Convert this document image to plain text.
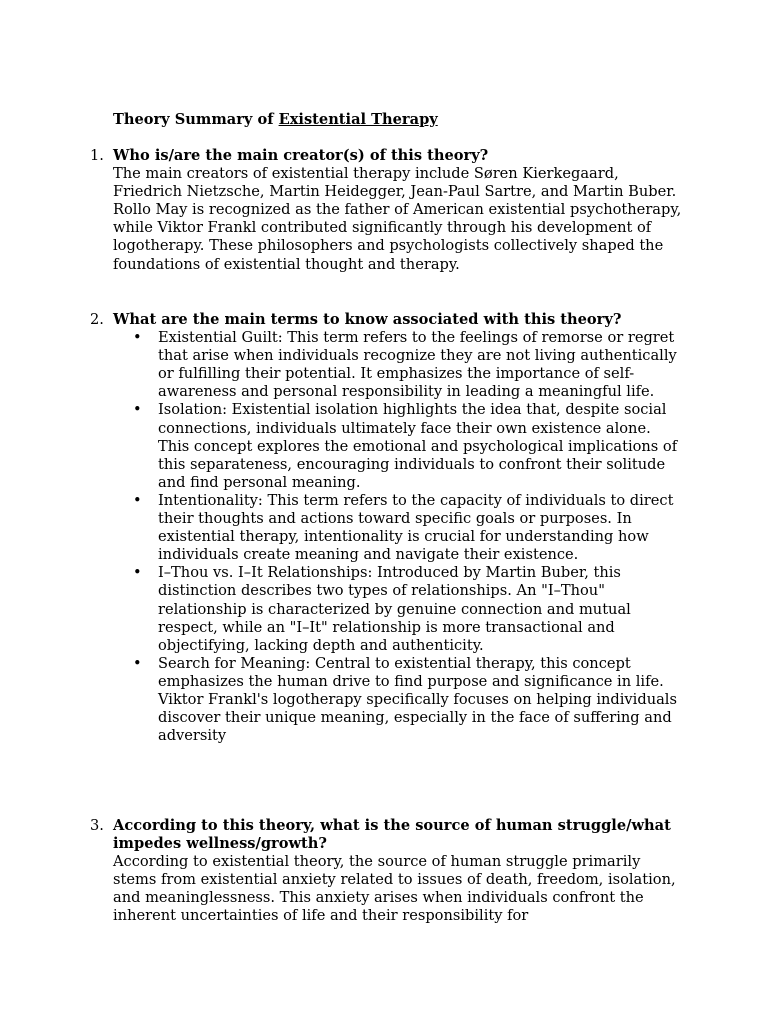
Theory Summary of Existential Therapy
1. Who is/are the main creator(s) of this theory?
The main creators of existential therapy include Søren Kierkegaard, Friedrich Nietzsche, Martin Heidegger, Jean-Paul Sartre, and Martin Buber. Rollo May is recognized as the father of American existential psychotherapy, while Viktor Frankl contributed significantly through his development of logotherapy. These philosophers and psychologists collectively shaped the foundations of existential thought and therapy.
2. What are the main terms to know associated with this theory?
• Existential Guilt: This term refers to the feelings of remorse or regret that arise when individuals recognize they are not living authentically or fulfilling their potential. It emphasizes the importance of self-awareness and personal responsibility in leading a meaningful life.
• Isolation: Existential isolation highlights the idea that, despite social connections, individuals ultimately face their own existence alone. This concept explores the emotional and psychological implications of this separateness, encouraging individuals to confront their solitude and find personal meaning.
• Intentionality: This term refers to the capacity of individuals to direct their thoughts and actions toward specific goals or purposes. In existential therapy, intentionality is crucial for understanding how individuals create meaning and navigate their existence.
• I–Thou vs. I–It Relationships: Introduced by Martin Buber, this distinction describes two types of relationships. An "I–Thou" relationship is characterized by genuine connection and mutual respect, while an "I–It" relationship is more transactional and objectifying, lacking depth and authenticity.
• Search for Meaning: Central to existential therapy, this concept emphasizes the human drive to find purpose and significance in life. Viktor Frankl's logotherapy specifically focuses on helping individuals discover their unique meaning, especially in the face of suffering and adversity
3. According to this theory, what is the source of human struggle/what impedes wellness/growth?
According to existential theory, the source of human struggle primarily stems from existential anxiety related to issues of death, freedom, isolation, and meaninglessness. This anxiety arises when individuals confront the inherent uncertainties of life and their responsibility for
